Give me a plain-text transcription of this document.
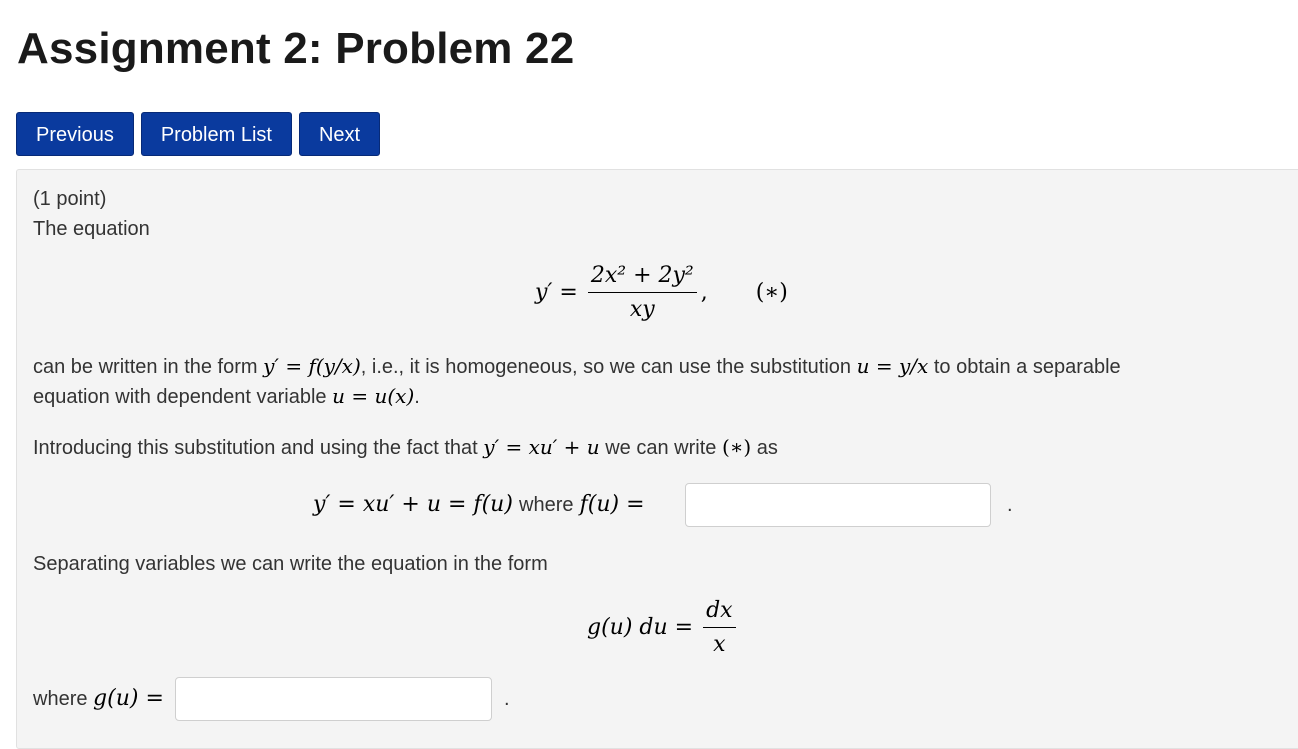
Assignment 2: Problem 22
Previous	Problem List	Next
(1 point)
The equation
$y' = \frac{\text{2x² + 2y²}}{xy}$ , (∗)
can be written in the form y′ = f(y/x), i.e., it is homogeneous, so we can use the substitution u = y/x to obtain a separable
equation with dependent variable u = u(x).
Introducing this substitution and using the fact that y′ = xu′ + u we can write (∗) as
y′ = xu′ + u = f(u) where f(u) =	.
Separating variables we can write the equation in the form
g(u) du = $\frac{dx}{x}$
where g(u) =	.
